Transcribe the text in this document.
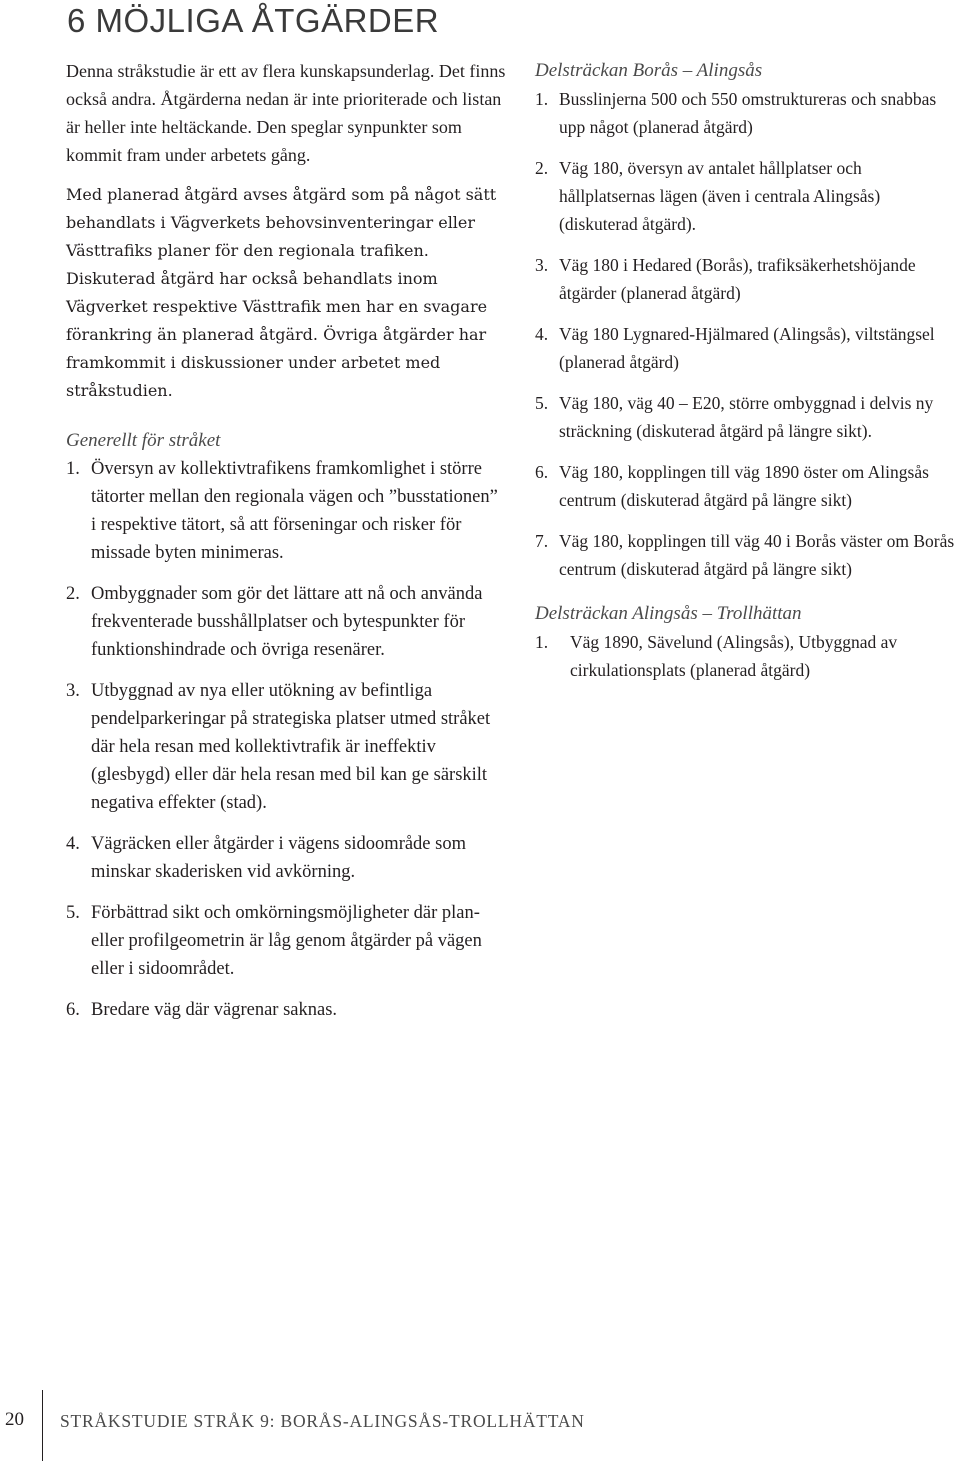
6 MÖJLIGA ÅTGÄRDER

Denna stråkstudie är ett av flera kunskapsunderlag. Det finns också andra. Åtgärderna nedan är inte prioriterade och listan är heller inte heltäckande. Den speglar synpunkter som kommit fram under arbetets gång.

Med planerad åtgärd avses åtgärd som på något sätt behandlats i Vägverkets behovsinventeringar eller Västtrafiks planer för den regionala trafiken.

Diskuterad åtgärd har också behandlats inom Vägverket respektive Västtrafik men har en svagare förankring än planerad åtgärd. Övriga åtgärder har framkommit i diskussioner under arbetet med stråkstudien.

Generellt för stråket
1. Översyn av kollektivtrafikens framkomlighet i större tätorter mellan den regionala vägen och ”busstationen” i respektive tätort, så att förseningar och risker för missade byten minimeras.
2. Ombyggnader som gör det lättare att nå och använda frekventerade busshållplatser och bytespunkter för funktionshindrade och övriga resenärer.
3. Utbyggnad av nya eller utökning av befintliga pendelparkeringar på strategiska platser utmed stråket där hela resan med kollektivtrafik är ineffektiv (glesbygd) eller där hela resan med bil kan ge särskilt negativa effekter (stad).
4. Vägräcken eller åtgärder i vägens sidoområde som minskar skaderisken vid avkörning.
5. Förbättrad sikt och omkörningsmöjligheter där plan- eller profilgeometrin är låg genom åtgärder på vägen eller i sidoområdet.
6. Bredare väg där vägrenar saknas.
Delsträckan Borås – Alingsås
1. Busslinjerna 500 och 550 omstruktureras och snabbas upp något (planerad åtgärd)
2. Väg 180, översyn av antalet hållplatser och hållplatsernas lägen (även i centrala Alingsås) (diskuterad åtgärd).
3. Väg 180 i Hedared (Borås), trafiksäkerhetshöjande åtgärder (planerad åtgärd)
4. Väg 180 Lygnared-Hjälmared (Alingsås), viltstängsel (planerad åtgärd)
5. Väg 180, väg 40 – E20, större ombyggnad i delvis ny sträckning (diskuterad åtgärd på längre sikt).
6. Väg 180, kopplingen till väg 1890 öster om Alingsås centrum (diskuterad åtgärd på längre sikt)
7. Väg 180, kopplingen till väg 40 i Borås väster om Borås centrum (diskuterad åtgärd på längre sikt)
Delsträckan Alingsås – Trollhättan
1. Väg 1890, Sävelund (Alingsås), Utbyggnad av cirkulationsplats (planerad åtgärd)
20 STRÅKSTUDIE STRÅK 9: BORÅS-ALINGSÅS-TROLLHÄTTAN
